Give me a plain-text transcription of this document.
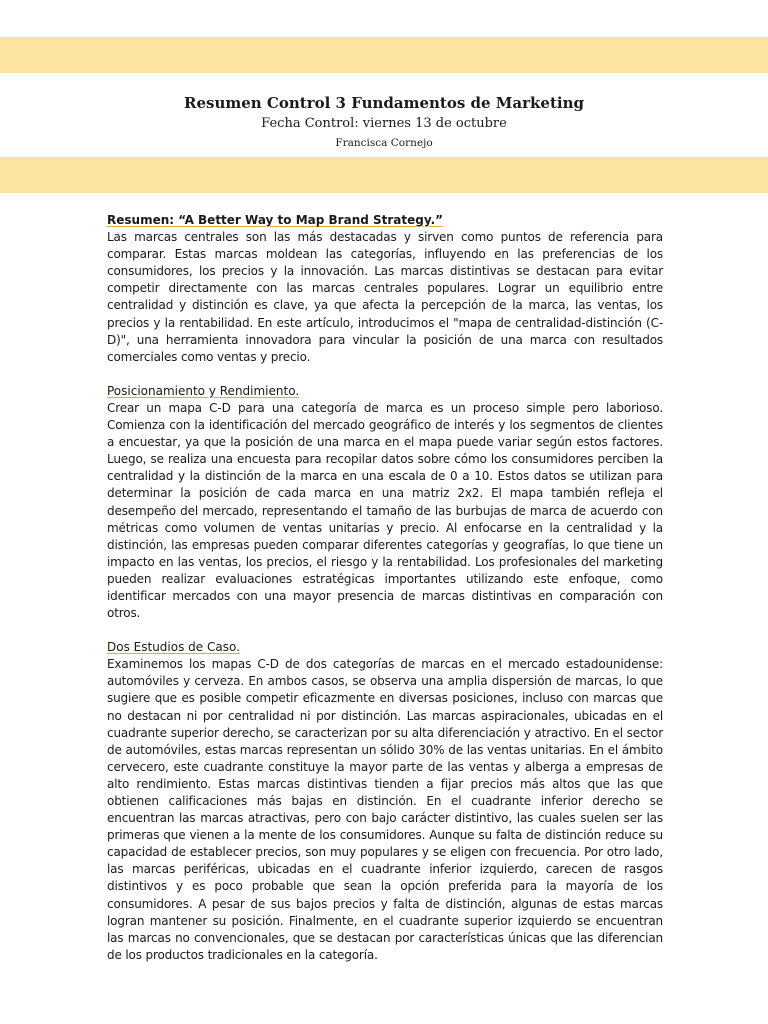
Resumen Control 3 Fundamentos de Marketing

Fecha Control: viernes 13 de octubre

Francisca Cornejo

Resumen: “A Better Way to Map Brand Strategy.”

Las marcas centrales son las más destacadas y sirven como puntos de referencia para comparar. Estas marcas moldean las categorías, influyendo en las preferencias de los consumidores, los precios y la innovación. Las marcas distintivas se destacan para evitar competir directamente con las marcas centrales populares. Lograr un equilibrio entre centralidad y distinción es clave, ya que afecta la percepción de la marca, las ventas, los precios y la rentabilidad. En este artículo, introducimos el "mapa de centralidad-distinción (C-D)", una herramienta innovadora para vincular la posición de una marca con resultados comerciales como ventas y precio.

Posicionamiento y Rendimiento.

Crear un mapa C-D para una categoría de marca es un proceso simple pero laborioso. Comienza con la identificación del mercado geográfico de interés y los segmentos de clientes a encuestar, ya que la posición de una marca en el mapa puede variar según estos factores. Luego, se realiza una encuesta para recopilar datos sobre cómo los consumidores perciben la centralidad y la distinción de la marca en una escala de 0 a 10. Estos datos se utilizan para determinar la posición de cada marca en una matriz 2x2. El mapa también refleja el desempeño del mercado, representando el tamaño de las burbujas de marca de acuerdo con métricas como volumen de ventas unitarias y precio. Al enfocarse en la centralidad y la distinción, las empresas pueden comparar diferentes categorías y geografías, lo que tiene un impacto en las ventas, los precios, el riesgo y la rentabilidad. Los profesionales del marketing pueden realizar evaluaciones estratégicas importantes utilizando este enfoque, como identificar mercados con una mayor presencia de marcas distintivas en comparación con otros.

Dos Estudios de Caso.

Examinemos los mapas C-D de dos categorías de marcas en el mercado estadounidense: automóviles y cerveza. En ambos casos, se observa una amplia dispersión de marcas, lo que sugiere que es posible competir eficazmente en diversas posiciones, incluso con marcas que no destacan ni por centralidad ni por distinción. Las marcas aspiracionales, ubicadas en el cuadrante superior derecho, se caracterizan por su alta diferenciación y atractivo. En el sector de automóviles, estas marcas representan un sólido 30% de las ventas unitarias. En el ámbito cervecero, este cuadrante constituye la mayor parte de las ventas y alberga a empresas de alto rendimiento. Estas marcas distintivas tienden a fijar precios más altos que las que obtienen calificaciones más bajas en distinción. En el cuadrante inferior derecho se encuentran las marcas atractivas, pero con bajo carácter distintivo, las cuales suelen ser las primeras que vienen a la mente de los consumidores. Aunque su falta de distinción reduce su capacidad de establecer precios, son muy populares y se eligen con frecuencia. Por otro lado, las marcas periféricas, ubicadas en el cuadrante inferior izquierdo, carecen de rasgos distintivos y es poco probable que sean la opción preferida para la mayoría de los consumidores. A pesar de sus bajos precios y falta de distinción, algunas de estas marcas logran mantener su posición. Finalmente, en el cuadrante superior izquierdo se encuentran las marcas no convencionales, que se destacan por características únicas que las diferencian de los productos tradicionales en la categoría.
